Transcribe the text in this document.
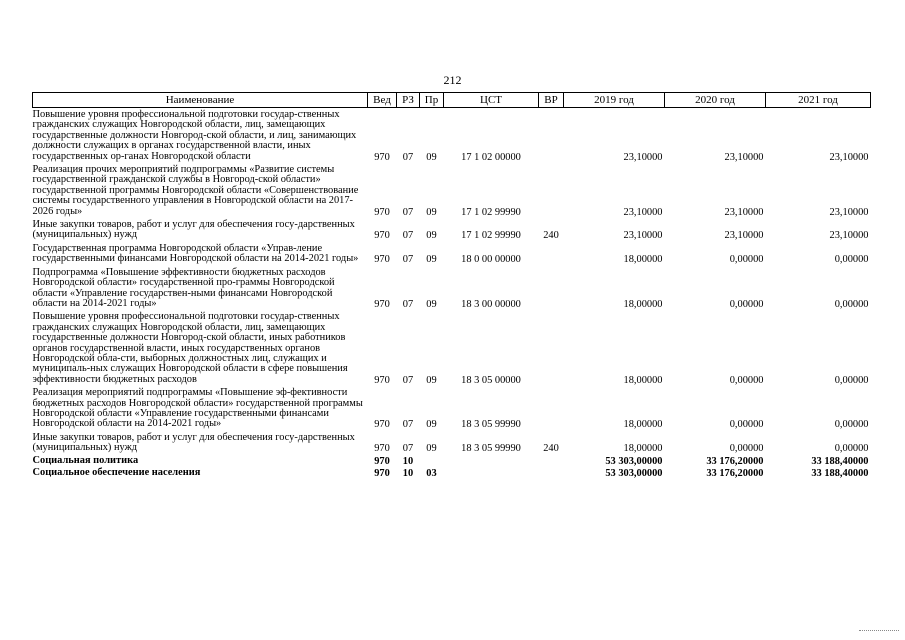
212
Наименование	Вед	РЗ	Пр	ЦСТ	ВР	2019 год	2020 год	2021 год
Повышение уровня профессиональной подготовки государ-ственных гражданских служащих Новгородской области, лиц, замещающих государственные должности Новгород-ской области, и лиц, занимающих должности служащих в органах государственной власти, иных государственных ор-ганах Новгородской области	970	07	09	17 1 02 00000		23,10000	23,10000	23,10000
Реализация прочих мероприятий подпрограммы «Развитие системы государственной гражданской службы в Новгород-ской области» государственной программы Новгородской области «Совершенствование системы государственного управления в Новгородской области на 2017-2026 годы»	970	07	09	17 1 02 99990		23,10000	23,10000	23,10000
Иные закупки товаров, работ и услуг для обеспечения госу-дарственных (муниципальных) нужд	970	07	09	17 1 02 99990	240	23,10000	23,10000	23,10000
Государственная программа Новгородской области «Управ-ление государственными финансами Новгородской области на 2014-2021 годы»	970	07	09	18 0 00 00000		18,00000	0,00000	0,00000
Подпрограмма «Повышение эффективности бюджетных расходов Новгородской области» государственной про-граммы Новгородской области «Управление государствен-ными финансами Новгородской области на 2014-2021 годы»	970	07	09	18 3 00 00000		18,00000	0,00000	0,00000
Повышение уровня профессиональной подготовки государ-ственных гражданских служащих Новгородской области, лиц, замещающих государственные должности Новгород-ской области, иных работников органов государственной власти, иных государственных органов Новгородской обла-сти, выборных должностных лиц, служащих и муниципаль-ных служащих Новгородской области в сфере повышения эффективности бюджетных расходов	970	07	09	18 3 05 00000		18,00000	0,00000	0,00000
Реализация мероприятий подпрограммы «Повышение эф-фективности бюджетных расходов Новгородской области» государственной программы Новгородской области «Управление государственными финансами Новгородской области на 2014-2021 годы»	970	07	09	18 3 05 99990		18,00000	0,00000	0,00000
Иные закупки товаров, работ и услуг для обеспечения госу-дарственных (муниципальных) нужд	970	07	09	18 3 05 99990	240	18,00000	0,00000	0,00000
Социальная политика	970	10				53 303,00000	33 176,20000	33 188,40000
Социальное обеспечение населения	970	10	03			53 303,00000	33 176,20000	33 188,40000
